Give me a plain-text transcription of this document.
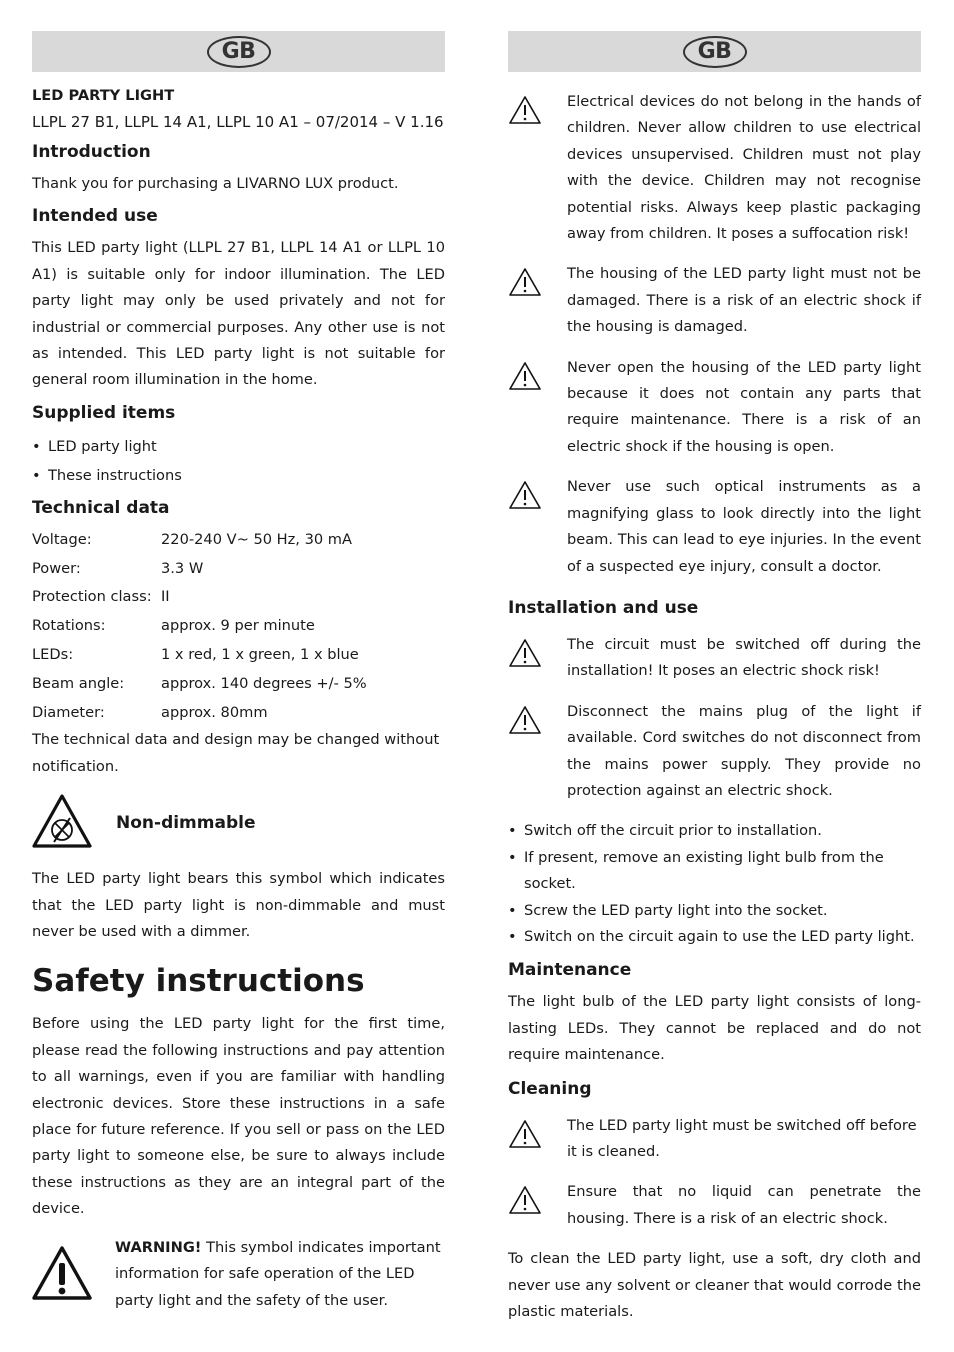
GB

LED PARTY LIGHT

LLPL 27 B1, LLPL 14 A1, LLPL 10 A1 – 07/2014 – V 1.16

Introduction

Thank you for purchasing a LIVARNO LUX product.

Intended use

This LED party light (LLPL 27 B1, LLPL 14 A1 or LLPL 10 A1) is suitable only for indoor illumination. The LED party light may only be used privately and not for industrial or commercial purposes. Any other use is not as intended. This LED party light is not suitable for general room illumination in the home.

Supplied items

• LED party light

• These instructions

Technical data
Voltage:	220-240 V~ 50 Hz, 30 mA
Power:	3.3 W
Protection class: II
Rotations:	approx. 9 per minute
LEDs:	1 x red, 1 x green, 1 x blue
Beam angle:	approx. 140 degrees +/- 5%
Diameter:	approx. 80mm

The technical data and design may be changed without notification.

Non-dimmable

The LED party light bears this symbol which indicates that the LED party light is non-dimmable and must never be used with a dimmer.

Safety instructions

Before using the LED party light for the first time, please read the following instructions and pay attention to all warnings, even if you are familiar with handling electronic devices. Store these instructions in a safe place for future reference. If you sell or pass on the LED party light to someone else, be sure to always include these instructions as they are an integral part of the device.

WARNING! This symbol indicates important information for safe operation of the LED party light and the safety of the user.

GB

Electrical devices do not belong in the hands of children. Never allow children to use electrical devices unsupervised. Children must not play with the device. Children may not recognise potential risks. Always keep plastic packaging away from children. It poses a suffocation risk!

The housing of the LED party light must not be damaged. There is a risk of an electric shock if the housing is damaged.

Never open the housing of the LED party light because it does not contain any parts that require maintenance. There is a risk of an electric shock if the housing is open.

Never use such optical instruments as a magnifying glass to look directly into the light beam. This can lead to eye injuries. In the event of a suspected eye injury, consult a doctor.

Installation and use

The circuit must be switched off during the installation! It poses an electric shock risk!

Disconnect the mains plug of the light if available. Cord switches do not disconnect from the mains power supply. They provide no protection against an electric shock.

• Switch off the circuit prior to installation.

• If present, remove an existing light bulb from the socket.

• Screw the LED party light into the socket.

• Switch on the circuit again to use the LED party light.

Maintenance

The light bulb of the LED party light consists of long-lasting LEDs. They cannot be replaced and do not require maintenance.

Cleaning

The LED party light must be switched off before it is cleaned.

Ensure that no liquid can penetrate the housing. There is a risk of an electric shock.

To clean the LED party light, use a soft, dry cloth and never use any solvent or cleaner that would corrode the plastic materials.
